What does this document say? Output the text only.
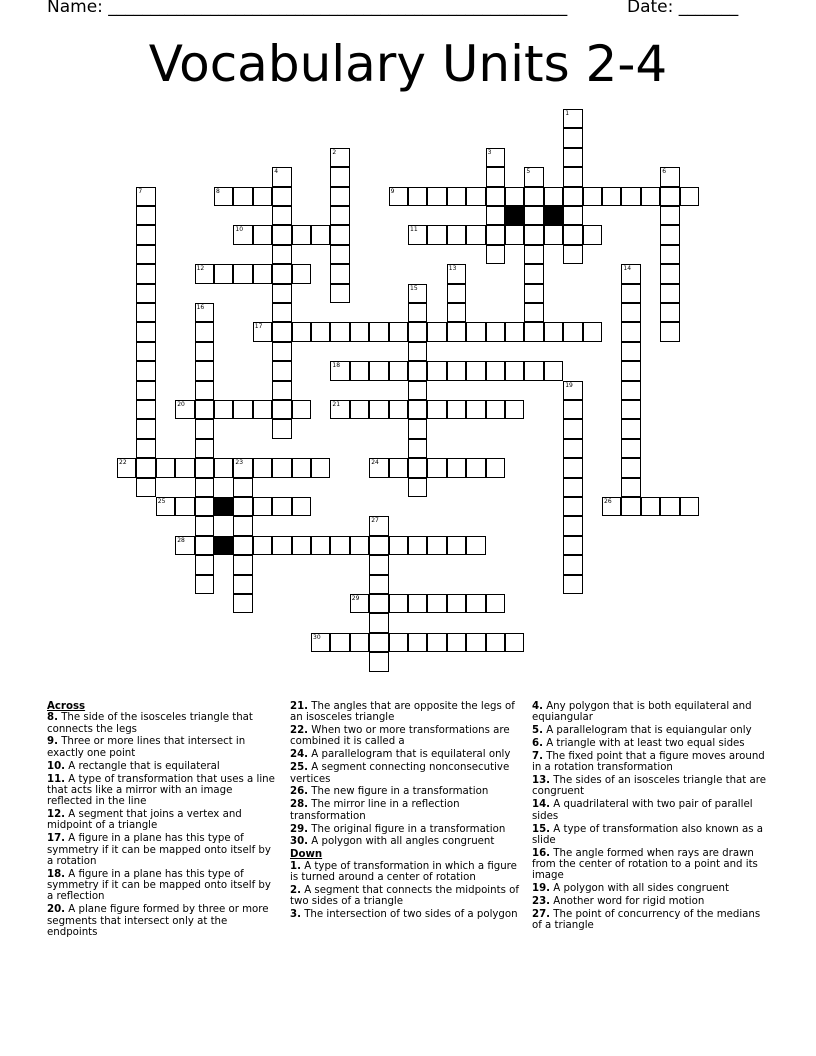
Name: ______________________________________________________	Date: _______
Vocabulary Units 2-4
8	9
10	11
12
17
18
20	21
22	23	24
25	26
28
29
30
1
2	3
4	5	6
7
13	14
15
16
19
27
Across
8. The side of the isosceles triangle that connects the legs
9. Three or more lines that intersect in exactly one point
10. A rectangle that is equilateral
11. A type of transformation that uses a line that acts like a mirror with an image reflected in the line
12. A segment that joins a vertex and midpoint of a triangle
17. A figure in a plane has this type of symmetry if it can be mapped onto itself by a rotation
18. A figure in a plane has this type of symmetry if it can be mapped onto itself by a reflection
20. A plane figure formed by three or more segments that intersect only at the endpoints
21. The angles that are opposite the legs of an isosceles triangle
22. When two or more transformations are combined it is called a
24. A parallelogram that is equilateral only
25. A segment connecting nonconsecutive vertices
26. The new figure in a transformation
28. The mirror line in a reflection transformation
29. The original figure in a transformation
30. A polygon with all angles congruent
Down
1. A type of transformation in which a figure is turned around a center of rotation
2. A segment that connects the midpoints of two sides of a triangle
3. The intersection of two sides of a polygon
4. Any polygon that is both equilateral and equiangular
5. A parallelogram that is equiangular only
6. A triangle with at least two equal sides
7. The fixed point that a figure moves around in a rotation transformation
13. The sides of an isosceles triangle that are congruent
14. A quadrilateral with two pair of parallel sides
15. A type of transformation also known as a slide
16. The angle formed when rays are drawn from the center of rotation to a point and its image
19. A polygon with all sides congruent
23. Another word for rigid motion
27. The point of concurrency of the medians of a triangle
